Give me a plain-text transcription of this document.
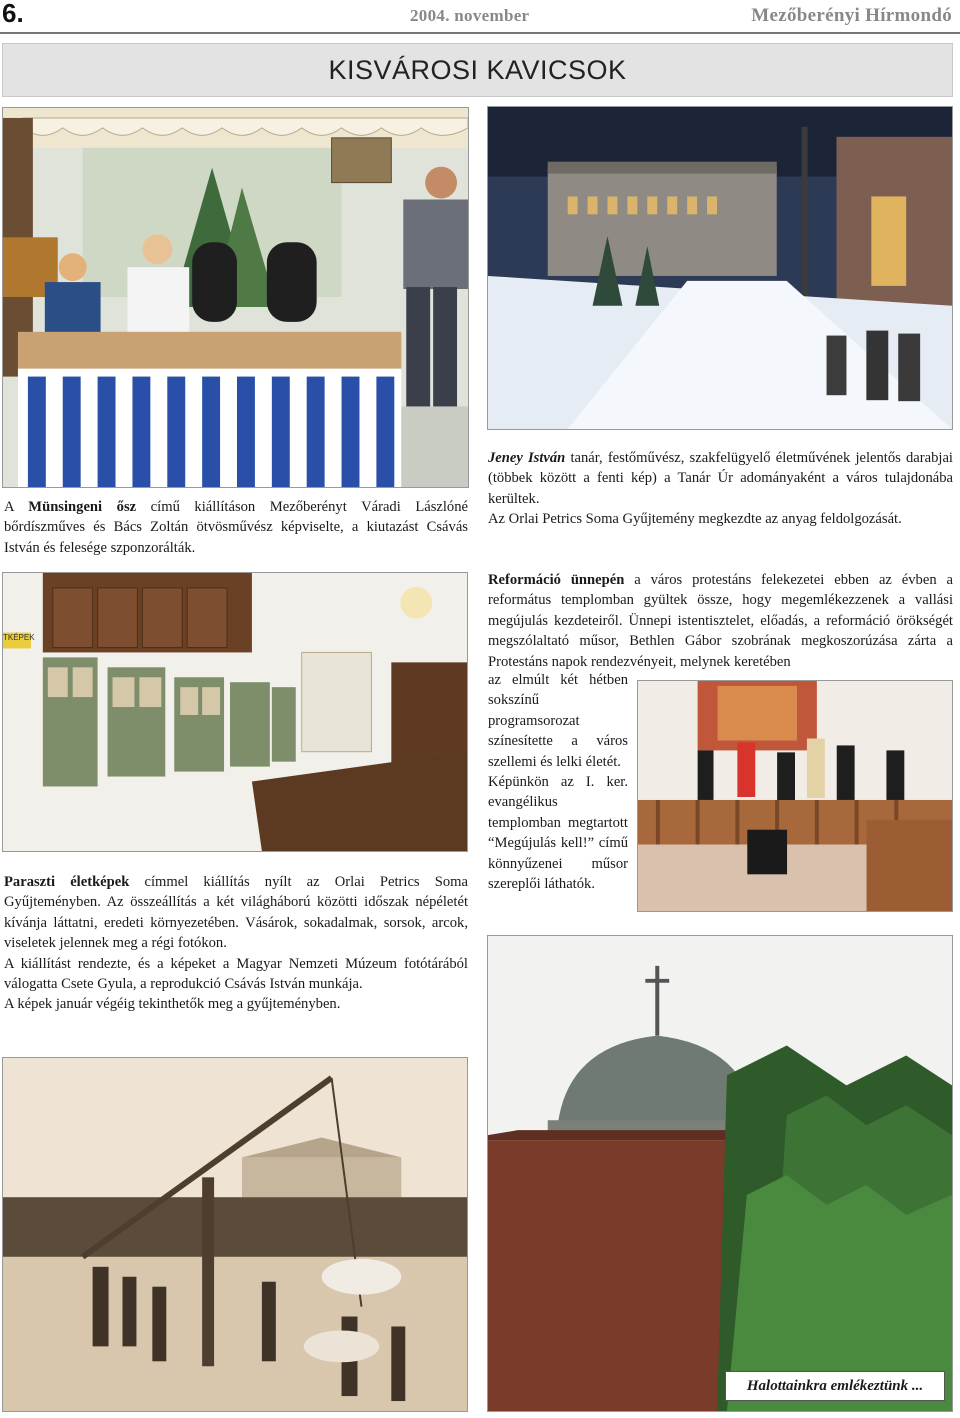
6.	2004. november	Mezőberényi Hírmondó
KISVÁROSI KAVICSOK

A Münsingeni ősz című kiállításon Mezőberényt Váradi Lászlóné bőrdíszműves és Bács Zoltán ötvösművész képviselte, a kiutazást Csávás István és felesége szponzorálták.

Jeney István tanár, festőművész, szakfelügyelő életművének jelentős darabjai (többek között a fenti kép) a Tanár Úr adományaként a város tulajdonába kerültek.

Az Orlai Petrics Soma Gyűjtemény megkezdte az anyag feldolgozását.

TKÉPEK

Reformáció ünnepén a város protestáns felekezetei ebben az évben a református templomban gyültek össze, hogy megemlékezzenek a vallási megújulás kezdeteiről. Ünnepi istentisztelet, előadás, a reformáció örökségét megszólaltató műsor, Bethlen Gábor szobrának megkoszorúzása zárta a Protestáns napok rendezvényeit, melynek keretében

az elmúlt két hétben sokszínű programsorozat színesítette a város szellemi és lelki életét.

Képünkön az I. ker. evangélikus templomban megtartott “Megújulás kell!” című könnyűzenei műsor szereplői láthatók.

Paraszti életképek címmel kiállítás nyílt az Orlai Petrics Soma Gyűjteményben. Az összeállítás a két világháború közötti időszak népéletét kívánja láttatni, eredeti környezetében. Vásárok, sokadalmak, sorsok, arcok, viseletek jelennek meg a régi fotókon.

A kiállítást rendezte, és a képeket a Magyar Nemzeti Múzeum fotótárából válogatta Csete Gyula, a reprodukció Csávás István munkája.

A képek január végéig tekinthetők meg a gyűjteményben.

Halottainkra emlékeztünk ...
